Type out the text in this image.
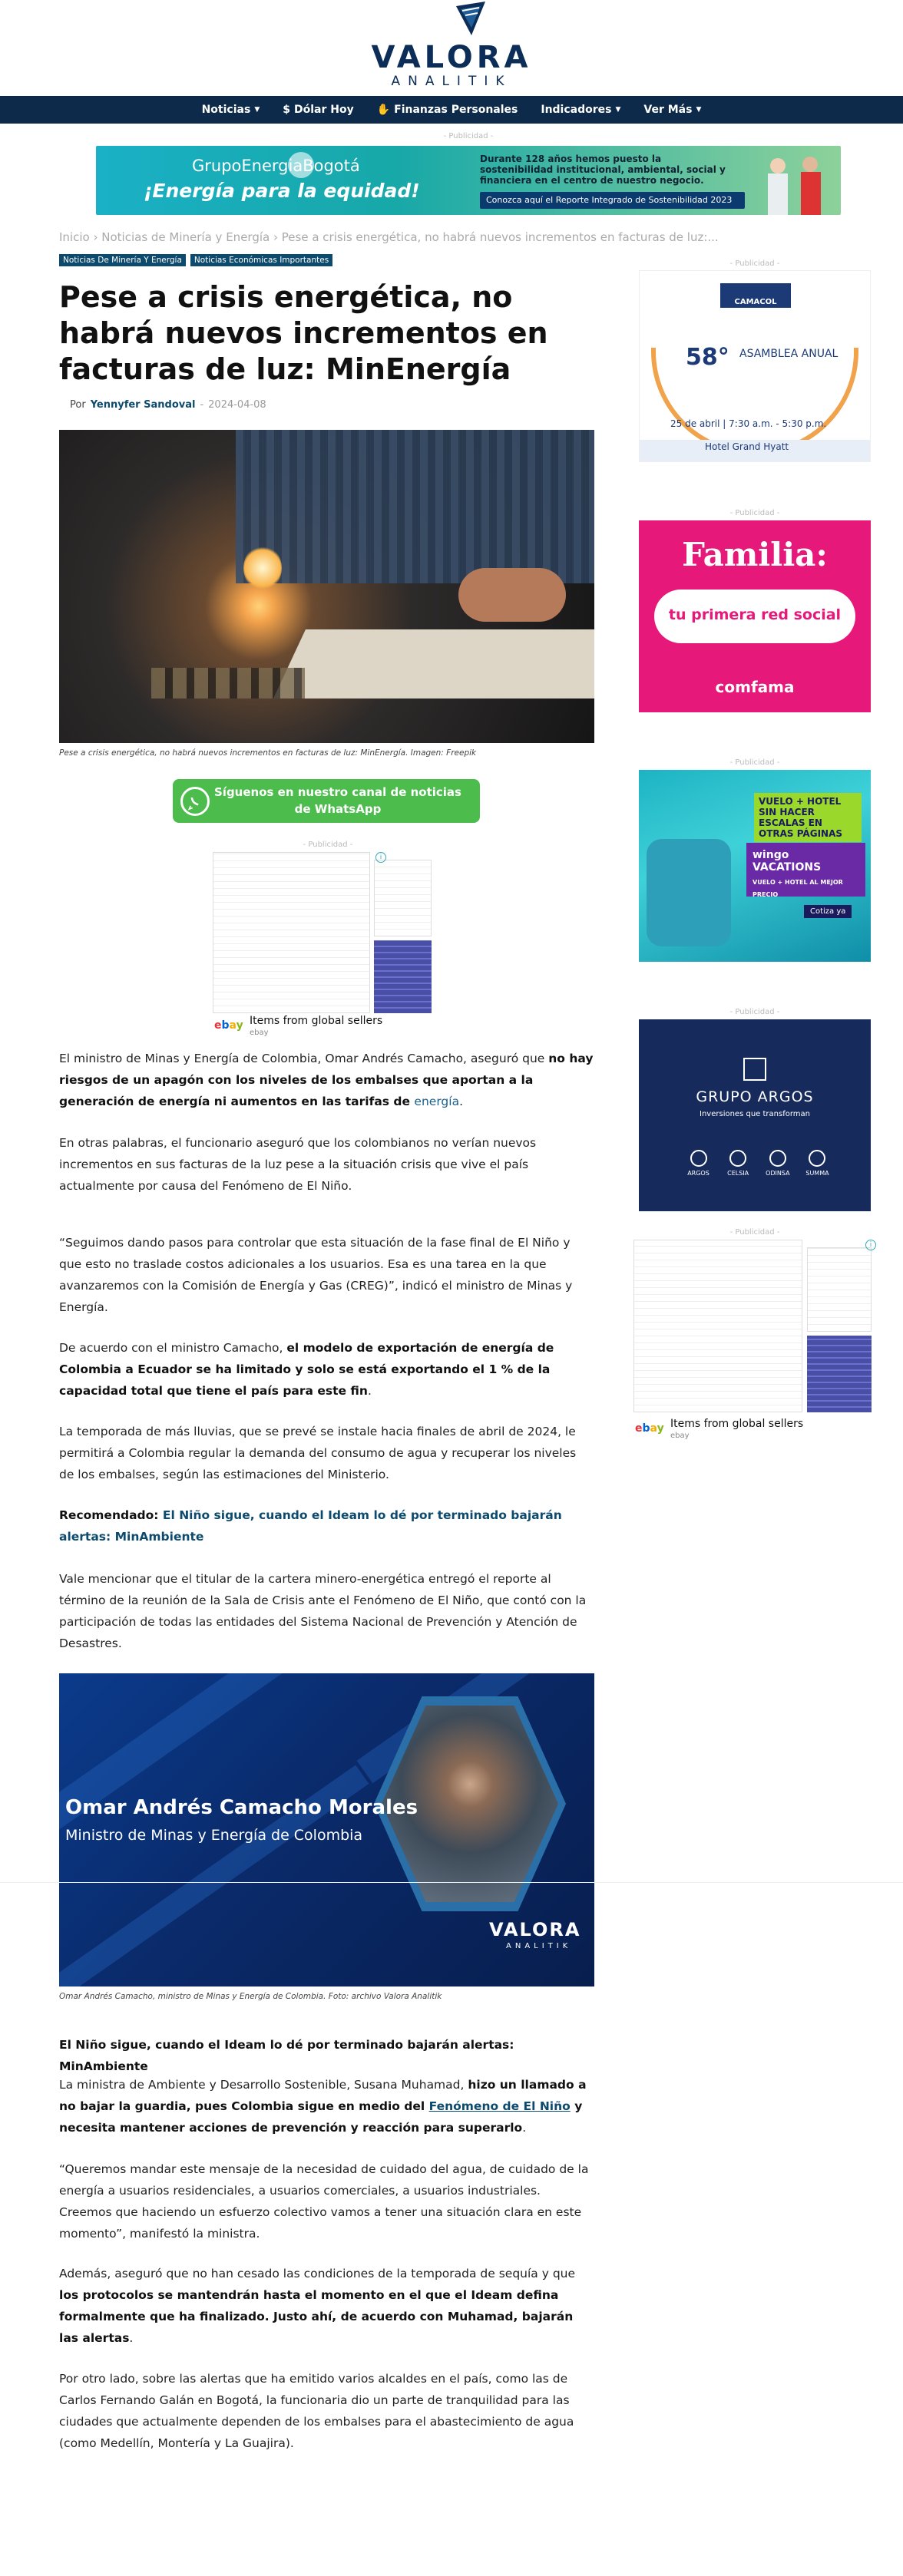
VALORA
ANALITIK
Noticias ▼ $ Dólar Hoy ✋ Finanzas Personales Indicadores ▼ Ver Más ▼
- Publicidad -
GrupoEnergiaBogotá
¡Energía para la equidad!
Durante 128 años hemos puesto la sostenibilidad institucional, ambiental, social y financiera en el centro de nuestro negocio.
Conozca aquí el Reporte Integrado de Sostenibilidad 2023
Inicio › Noticias de Minería y Energía › Pese a crisis energética, no habrá nuevos incrementos en facturas de luz:...
Noticias De Minería Y Energía	Noticias Económicas Importantes
Pese a crisis energética, no habrá nuevos incrementos en facturas de luz: MinEnergía
Por Yennyfer Sandoval - 2024-04-08
Pese a crisis energética, no habrá nuevos incrementos en facturas de luz: MinEnergía. Imagen: Freepik
Síguenos en nuestro canal de noticias de WhatsApp
- Publicidad -
i
ebay Items from global sellers
ebay

El ministro de Minas y Energía de Colombia, Omar Andrés Camacho, aseguró que no hay riesgos de un apagón con los niveles de los embalses que aportan a la generación de energía ni aumentos en las tarifas de energía.

En otras palabras, el funcionario aseguró que los colombianos no verían nuevos incrementos en sus facturas de la luz pese a la situación crisis que vive el país actualmente por causa del Fenómeno de El Niño.

“Seguimos dando pasos para controlar que esta situación de la fase final de El Niño y que esto no traslade costos adicionales a los usuarios. Esa es una tarea en la que avanzaremos con la Comisión de Energía y Gas (CREG)”, indicó el ministro de Minas y Energía.

De acuerdo con el ministro Camacho, el modelo de exportación de energía de Colombia a Ecuador se ha limitado y solo se está exportando el 1 % de la capacidad total que tiene el país para este fin.

La temporada de más lluvias, que se prevé se instale hacia finales de abril de 2024, le permitirá a Colombia regular la demanda del consumo de agua y recuperar los niveles de los embalses, según las estimaciones del Ministerio.

Recomendado: El Niño sigue, cuando el Ideam lo dé por terminado bajarán alertas: MinAmbiente

Vale mencionar que el titular de la cartera minero-energética entregó el reporte al término de la reunión de la Sala de Crisis ante el Fenómeno de El Niño, que contó con la participación de todas las entidades del Sistema Nacional de Prevención y Atención de Desastres.

Omar Andrés Camacho Morales
Ministro de Minas y Energía de Colombia
VALORA
ANALITIK
Omar Andrés Camacho, ministro de Minas y Energía de Colombia. Foto: archivo Valora Analitik

El Niño sigue, cuando el Ideam lo dé por terminado bajarán alertas: MinAmbiente

La ministra de Ambiente y Desarrollo Sostenible, Susana Muhamad, hizo un llamado a no bajar la guardia, pues Colombia sigue en medio del Fenómeno de El Niño y necesita mantener acciones de prevención y reacción para superarlo.

“Queremos mandar este mensaje de la necesidad de cuidado del agua, de cuidado de la energía a usuarios residenciales, a usuarios comerciales, a usuarios industriales. Creemos que haciendo un esfuerzo colectivo vamos a tener una situación clara en este momento”, manifestó la ministra.

Además, aseguró que no han cesado las condiciones de la temporada de sequía y que los protocolos se mantendrán hasta el momento en el que el Ideam defina formalmente que ha finalizado. Justo ahí, de acuerdo con Muhamad, bajarán las alertas.

Por otro lado, sobre las alertas que ha emitido varios alcaldes en el país, como las de Carlos Fernando Galán en Bogotá, la funcionaria dio un parte de tranquilidad para las ciudades que actualmente dependen de los embalses para el abastecimiento de agua (como Medellín, Montería y La Guajira).

- Publicidad -
CAMACOL
58° ASAMBLEA ANUAL
25 de abril | 7:30 a.m. - 5:30 p.m.
Hotel Grand Hyatt
- Publicidad -
Familia:
tu primera red social
comfama
- Publicidad -
VUELO + HOTEL SIN HACER ESCALAS EN OTRAS PÁGINAS
wingo VACATIONS
VUELO + HOTEL AL MEJOR PRECIO
Cotiza ya
- Publicidad -
GRUPO ARGOS
Inversiones que transforman
ARGOS	CELSIA	ODINSA	SUMMA
- Publicidad -
i
ebay Items from global sellers
ebay
